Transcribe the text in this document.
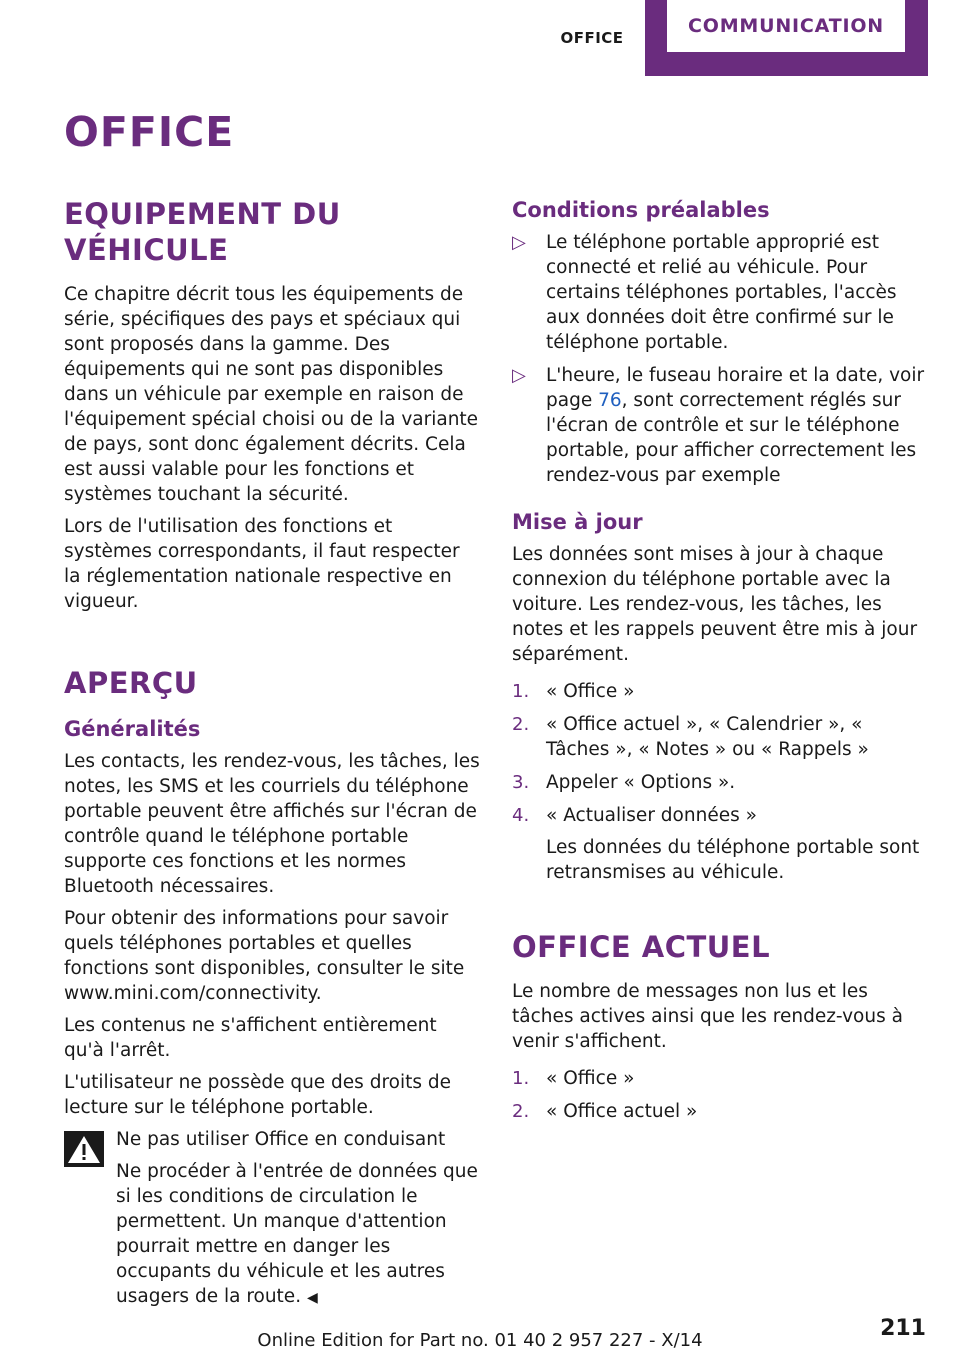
OFFICE
COMMUNICATION
OFFICE
EQUIPEMENT DU VÉHICULE

Ce chapitre décrit tous les équipements de série, spécifiques des pays et spéciaux qui sont proposés dans la gamme. Des équipements qui ne sont pas disponibles dans un véhicule par exemple en raison de l'équipement spécial choisi ou de la variante de pays, sont donc également décrits. Cela est aussi valable pour les fonctions et systèmes touchant la sécurité.

Lors de l'utilisation des fonctions et systèmes correspondants, il faut respecter la réglementation nationale respective en vigueur.

APERÇU
Généralités

Les contacts, les rendez-vous, les tâches, les notes, les SMS et les courriels du téléphone portable peuvent être affichés sur l'écran de contrôle quand le téléphone portable supporte ces fonctions et les normes Bluetooth nécessaires.

Pour obtenir des informations pour savoir quels téléphones portables et quelles fonctions sont disponibles, consulter le site www.mini.com/connectivity.

Les contenus ne s'affichent entièrement qu'à l'arrêt.

L'utilisateur ne possède que des droits de lecture sur le téléphone portable.

Ne pas utiliser Office en conduisant

Ne procéder à l'entrée de données que si les conditions de circulation le permettent. Un manque d'attention pourrait mettre en danger les occupants du véhicule et les autres usagers de la route. ◀

Conditions préalables
▷ Le téléphone portable approprié est connecté et relié au véhicule. Pour certains téléphones portables, l'accès aux données doit être confirmé sur le téléphone portable.
▷ L'heure, le fuseau horaire et la date, voir page 76, sont correctement réglés sur l'écran de contrôle et sur le téléphone portable, pour afficher correctement les rendez-vous par exemple
Mise à jour

Les données sont mises à jour à chaque connexion du téléphone portable avec la voiture. Les rendez-vous, les tâches, les notes et les rappels peuvent être mis à jour séparément.

1. « Office »
2. « Office actuel », « Calendrier », « Tâches », « Notes » ou « Rappels »
3. Appeler « Options ».
4. « Actualiser données »
Les données du téléphone portable sont retransmises au véhicule.
OFFICE ACTUEL

Le nombre de messages non lus et les tâches actives ainsi que les rendez-vous à venir s'affichent.

1. « Office »
2. « Office actuel »
211
Online Edition for Part no. 01 40 2 957 227 - X/14
